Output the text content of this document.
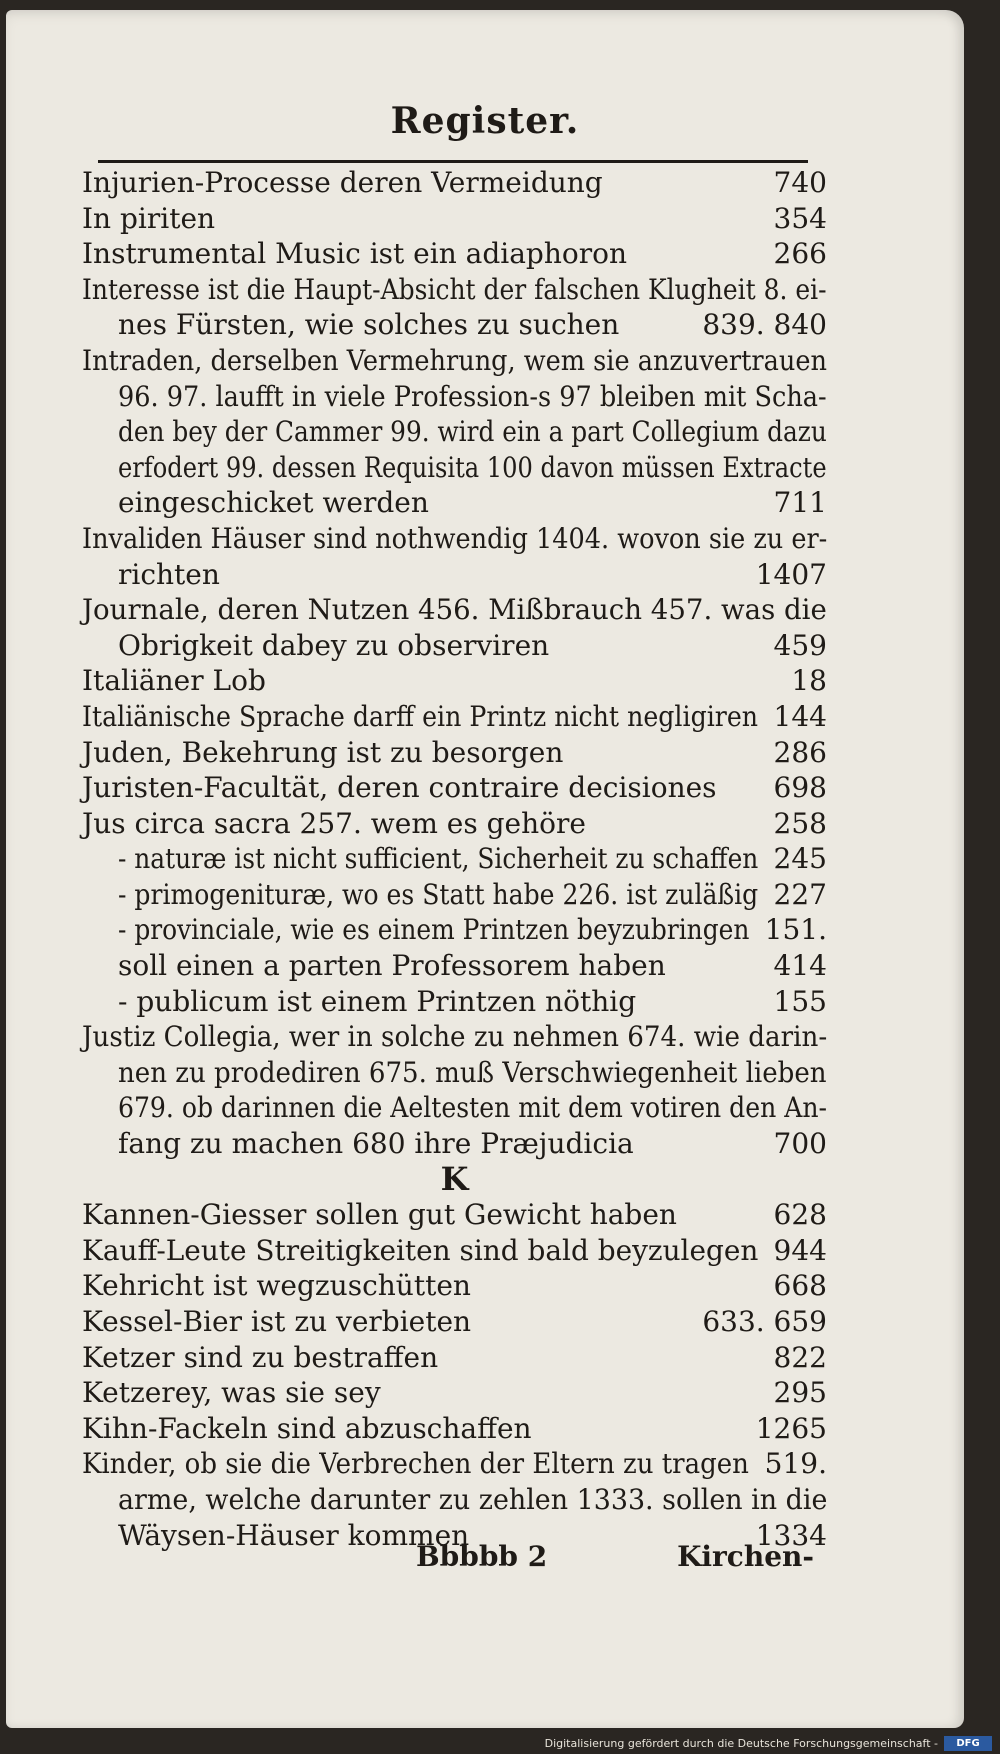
Register.
Injurien-Processe deren Vermeidung	740
In piriten	354
Instrumental Music ist ein adiaphoron	266
Interesse ist die Haupt-Absicht der falschen Klugheit 8. ei-
nes Fürsten, wie solches zu suchen	839. 840
Intraden, derselben Vermehrung, wem sie anzuvertrauen
96. 97. laufft in viele Profession-s 97 bleiben mit Scha-
den bey der Cammer 99. wird ein a part Collegium dazu
erfodert 99. dessen Requisita 100 davon müssen Extracte
eingeschicket werden	711
Invaliden Häuser sind nothwendig 1404. wovon sie zu er-
richten	1407
Journale, deren Nutzen 456. Mißbrauch 457. was die
Obrigkeit dabey zu observiren	459
Italiäner Lob	18
Italiänische Sprache darff ein Printz nicht negligiren 144
Juden, Bekehrung ist zu besorgen	286
Juristen-Facultät, deren contraire decisiones 698
Jus circa sacra 257. wem es gehöre	258
- naturæ ist nicht sufficient, Sicherheit zu schaffen 245
- primogenituræ, wo es Statt habe 226. ist zuläßig 227
- provinciale, wie es einem Printzen beyzubringen 151.
soll einen a parten Professorem haben	414
- publicum ist einem Printzen nöthig	155
Justiz Collegia, wer in solche zu nehmen 674. wie darin-
nen zu prodediren 675. muß Verschwiegenheit lieben
679. ob darinnen die Aeltesten mit dem votiren den An-
fang zu machen 680 ihre Præjudicia	700
K
Kannen-Giesser sollen gut Gewicht haben	628
Kauff-Leute Streitigkeiten sind bald beyzulegen 944
Kehricht ist wegzuschütten	668
Kessel-Bier ist zu verbieten	633. 659
Ketzer sind zu bestraffen	822
Ketzerey, was sie sey	295
Kihn-Fackeln sind abzuschaffen	1265
Kinder, ob sie die Verbrechen der Eltern zu tragen 519.
arme, welche darunter zu zehlen 1333. sollen in die
Wäysen-Häuser kommen	1334
Bbbbb 2	Kirchen-
Digitalisierung gefördert durch die Deutsche Forschungsgemeinschaft -	DFG
